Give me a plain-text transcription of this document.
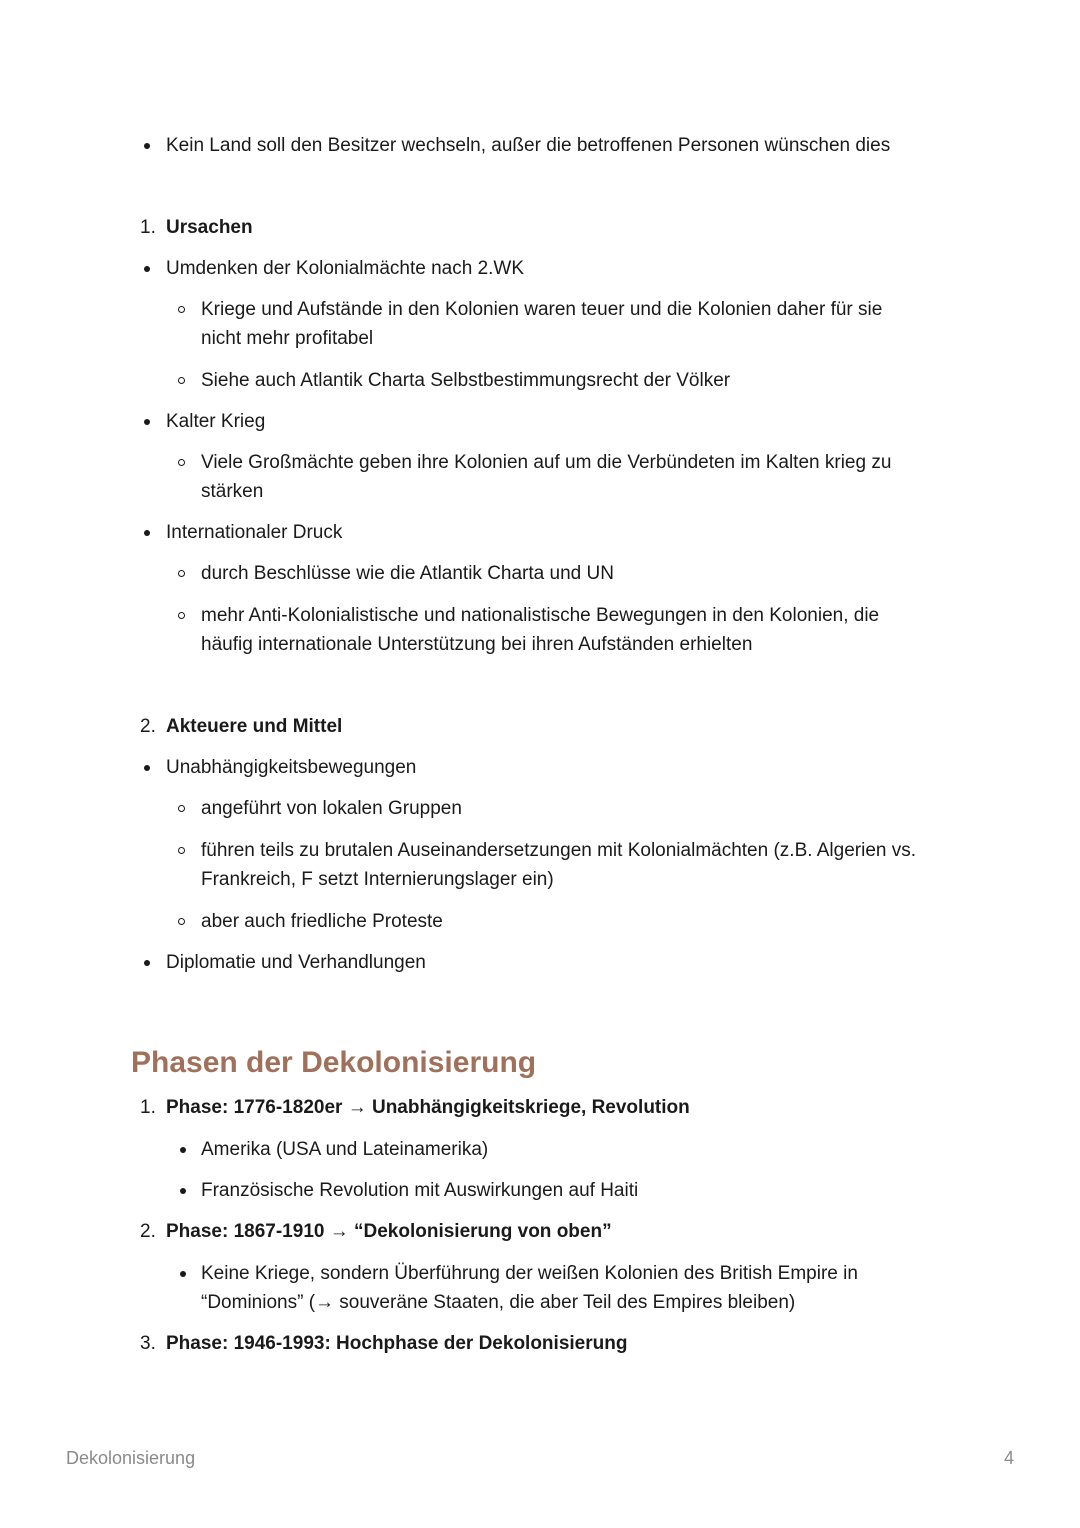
Kein Land soll den Besitzer wechseln, außer die betroffenen Personen wünschen dies
1. Ursachen
Umdenken der Kolonialmächte nach 2.WK
Kriege und Aufstände in den Kolonien waren teuer und die Kolonien daher für sie
nicht mehr profitabel
Siehe auch Atlantik Charta Selbstbestimmungsrecht der Völker
Kalter Krieg
Viele Großmächte geben ihre Kolonien auf um die Verbündeten im Kalten krieg zu
stärken
Internationaler Druck
durch Beschlüsse wie die Atlantik Charta und UN
mehr Anti-Kolonialistische und nationalistische Bewegungen in den Kolonien, die
häufig internationale Unterstützung bei ihren Aufständen erhielten
2. Akteuere und Mittel
Unabhängigkeitsbewegungen
angeführt von lokalen Gruppen
führen teils zu brutalen Auseinandersetzungen mit Kolonialmächten (z.B. Algerien vs.
Frankreich, F setzt Internierungslager ein)
aber auch friedliche Proteste
Diplomatie und Verhandlungen
Phasen der Dekolonisierung
1. Phase: 1776-1820er → Unabhängigkeitskriege, Revolution
Amerika (USA und Lateinamerika)
Französische Revolution mit Auswirkungen auf Haiti
2. Phase: 1867-1910 → “Dekolonisierung von oben”
Keine Kriege, sondern Überführung der weißen Kolonien des British Empire in
“Dominions” (→ souveräne Staaten, die aber Teil des Empires bleiben)
3. Phase: 1946-1993: Hochphase der Dekolonisierung
Dekolonisierung	4
